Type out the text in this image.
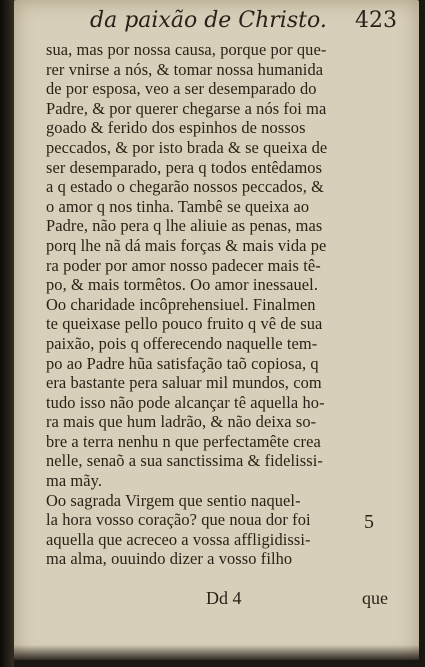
da paixão de Christo. 423
sua, mas por nossa causa, porque por que-
rer vnirse a nós, & tomar nossa humanida
de por esposa, veo a ser desemparado do
Padre, & por querer chegarse a nós foi ma
goado & ferido dos espinhos de nossos
peccados, & por isto brada & se queixa de
ser desemparado, pera q todos entêdamos
a q estado o chegarão nossos peccados, &
o amor q nos tinha. Tambê se queixa ao
Padre, não pera q lhe aliuie as penas, mas
porq lhe nã dá mais forças & mais vida pe
ra poder por amor nosso padecer mais tê-
po, & mais tormêtos. Oo amor inessauel.
Oo charidade incôprehensiuel. Finalmen
te queixase pello pouco fruito q vê de sua
paixão, pois q offerecendo naquelle tem-
po ao Padre hũa satisfação taõ copiosa, q
era bastante pera saluar mil mundos, com
tudo isso não pode alcançar tê aquella ho-
ra mais que hum ladrão, & não deixa so-
bre a terra nenhu n que perfectamête crea
nelle, senaõ a sua sanctissima & fidelissi-
ma mãy.
Oo sagrada Virgem que sentio naquel-
la hora vosso coração? que noua dor foi
aquella que acreceo a vossa affligidissi-
ma alma, ouuindo dizer a vosso filho
5
Dd 4	que
